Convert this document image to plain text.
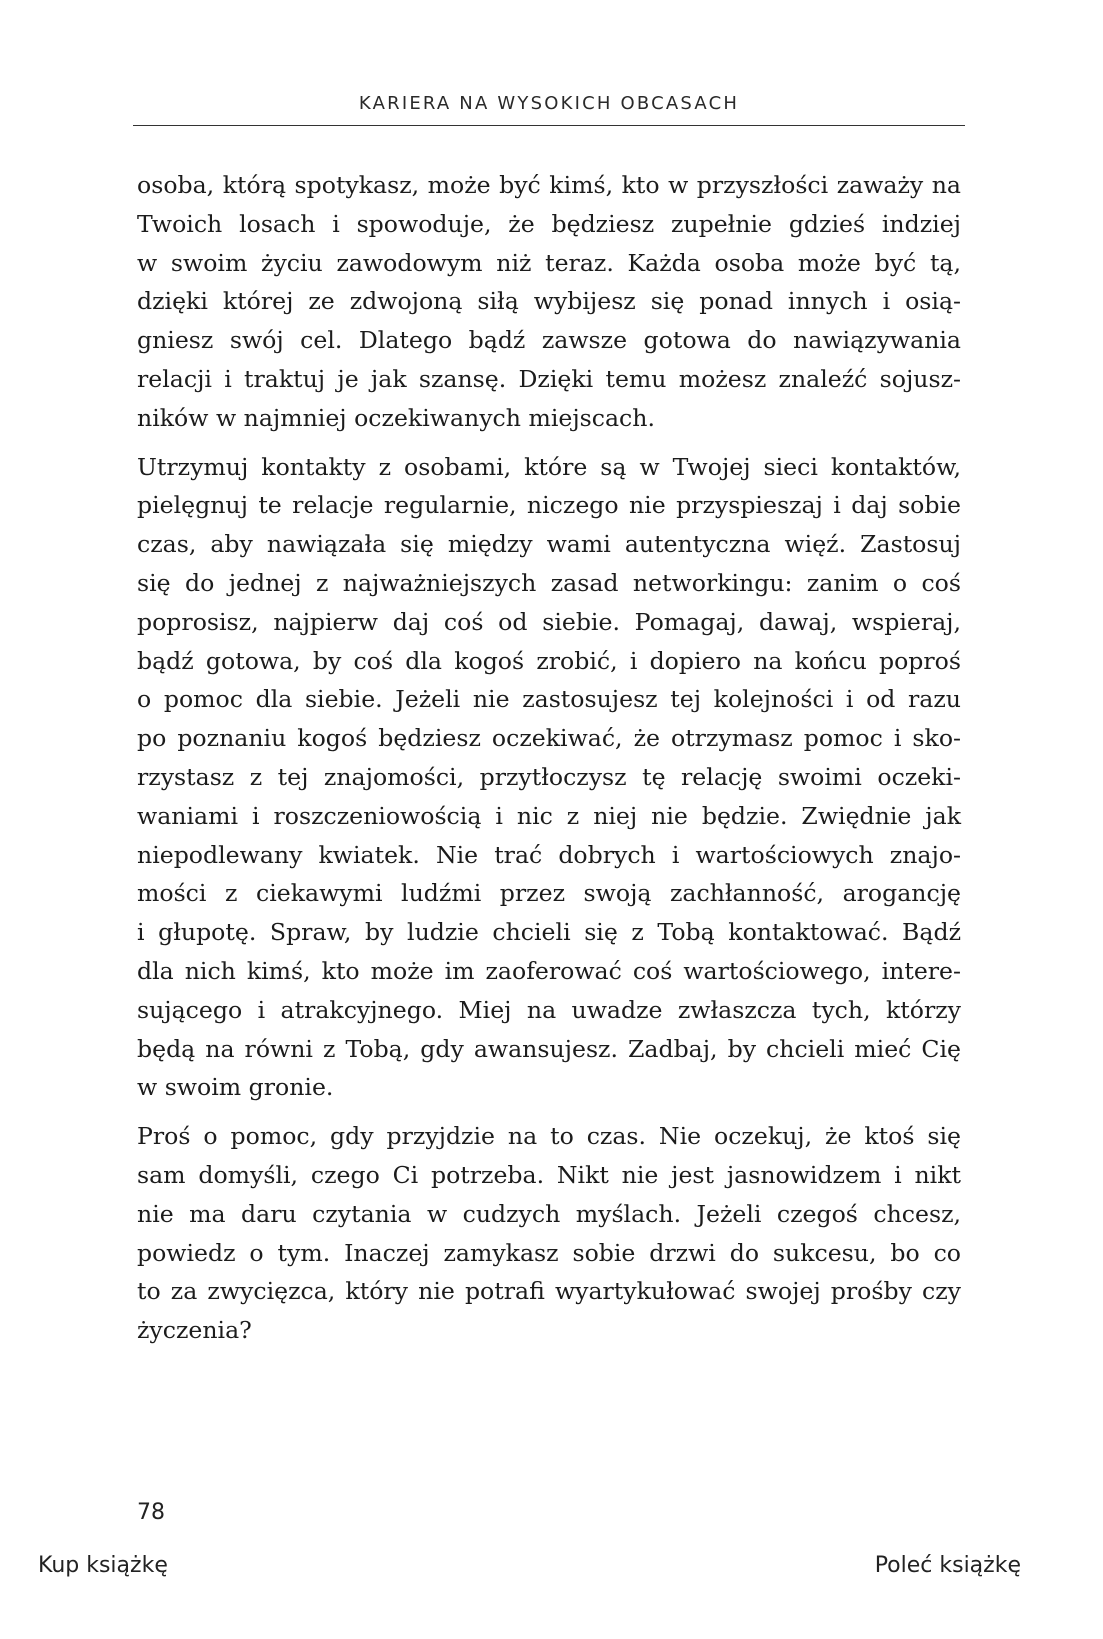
KARIERA NA WYSOKICH OBCASACH
osoba, którą spotykasz, może być kimś, kto w przyszłości zaważy na
Twoich losach i spowoduje, że będziesz zupełnie gdzieś indziej
w swoim życiu zawodowym niż teraz. Każda osoba może być tą,
dzięki której ze zdwojoną siłą wybijesz się ponad innych i osią-
gniesz swój cel. Dlatego bądź zawsze gotowa do nawiązywania
relacji i traktuj je jak szansę. Dzięki temu możesz znaleźć sojusz-
ników w najmniej oczekiwanych miejscach.
Utrzymuj kontakty z osobami, które są w Twojej sieci kontaktów,
pielęgnuj te relacje regularnie, niczego nie przyspieszaj i daj sobie
czas, aby nawiązała się między wami autentyczna więź. Zastosuj
się do jednej z najważniejszych zasad networkingu: zanim o coś
poprosisz, najpierw daj coś od siebie. Pomagaj, dawaj, wspieraj,
bądź gotowa, by coś dla kogoś zrobić, i dopiero na końcu poproś
o pomoc dla siebie. Jeżeli nie zastosujesz tej kolejności i od razu
po poznaniu kogoś będziesz oczekiwać, że otrzymasz pomoc i sko-
rzystasz z tej znajomości, przytłoczysz tę relację swoimi oczeki-
waniami i roszczeniowością i nic z niej nie będzie. Zwiędnie jak
niepodlewany kwiatek. Nie trać dobrych i wartościowych znajo-
mości z ciekawymi ludźmi przez swoją zachłanność, arogancję
i głupotę. Spraw, by ludzie chcieli się z Tobą kontaktować. Bądź
dla nich kimś, kto może im zaoferować coś wartościowego, intere-
sującego i atrakcyjnego. Miej na uwadze zwłaszcza tych, którzy
będą na równi z Tobą, gdy awansujesz. Zadbaj, by chcieli mieć Cię
w swoim gronie.
Proś o pomoc, gdy przyjdzie na to czas. Nie oczekuj, że ktoś się
sam domyśli, czego Ci potrzeba. Nikt nie jest jasnowidzem i nikt
nie ma daru czytania w cudzych myślach. Jeżeli czegoś chcesz,
powiedz o tym. Inaczej zamykasz sobie drzwi do sukcesu, bo co
to za zwycięzca, który nie potrafi wyartykułować swojej prośby czy
życzenia?
78
Kup książkę	Poleć książkę
